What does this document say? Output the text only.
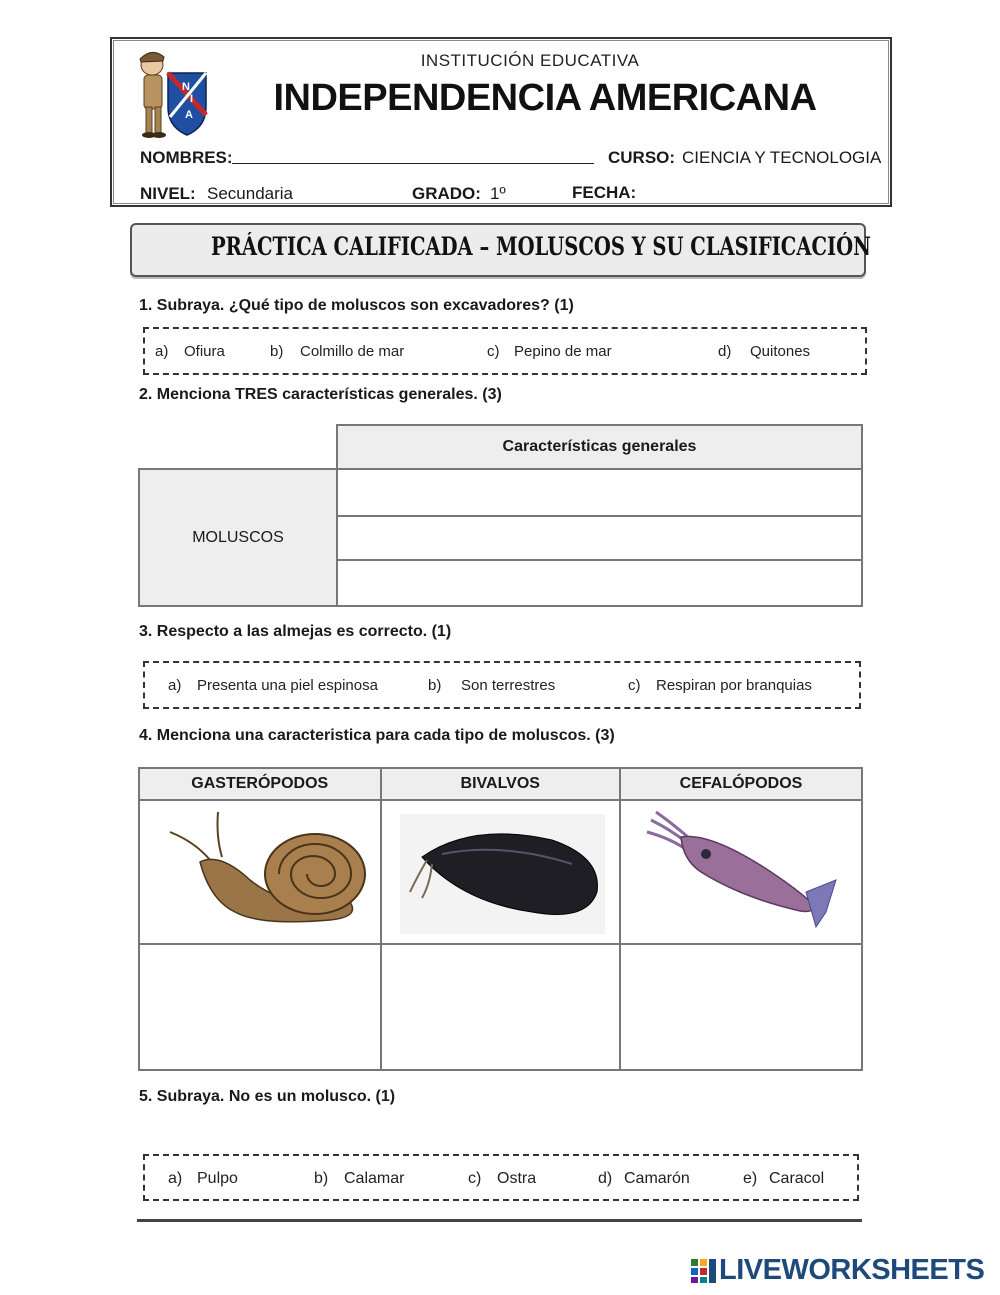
N
I
A
INSTITUCIÓN EDUCATIVA
INDEPENDENCIA AMERICANA
NOMBRES:	CURSO: CIENCIA Y TECNOLOGIA
NIVEL: Secundaria	GRADO: 1º	FECHA:
PRÁCTICA CALIFICADA – MOLUSCOS Y SU CLASIFICACIÓN
1. Subraya. ¿Qué tipo de moluscos son excavadores? (1)
a) Ofiura	b) Colmillo de mar	c) Pepino de mar	d) Quitones
2. Menciona TRES características generales. (3)
	Características generales
MOLUSCOS	

3. Respecto a las almejas es correcto. (1)
a) Presenta una piel espinosa	b) Son terrestres	c) Respiran por branquias
4. Menciona una caracteristica para cada tipo de moluscos. (3)
GASTERÓPODOS	BIVALVOS	CEFALÓPODOS

5. Subraya. No es un molusco. (1)
a) Pulpo	b) Calamar	c) Ostra	d) Camarón	e) Caracol
LIVEWORKSHEETS
